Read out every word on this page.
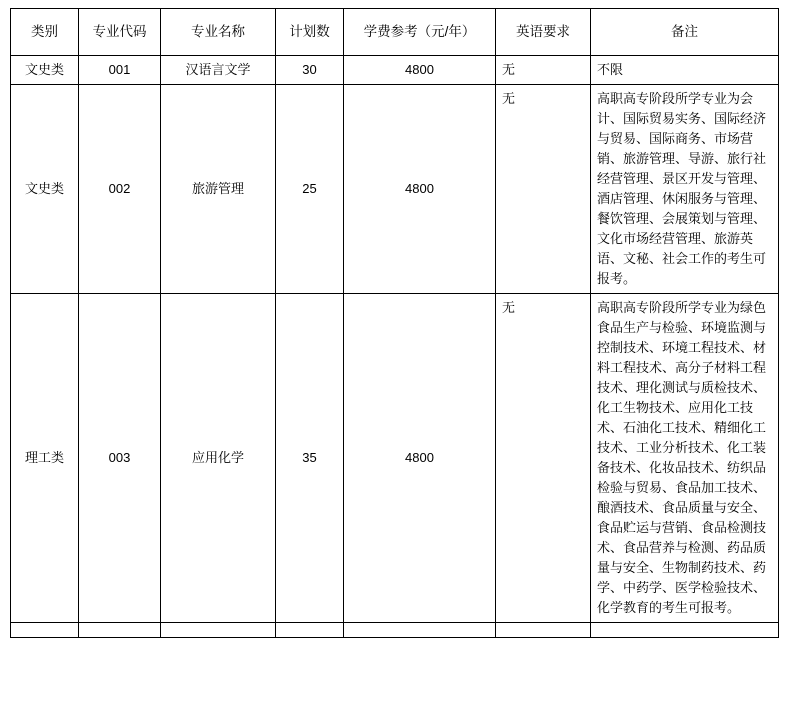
类别	专业代码	专业名称	计划数	学费参考（元/年）	英语要求	备注
文史类	001	汉语言文学	30	4800	无	不限
文史类	002	旅游管理	25	4800	无	高职高专阶段所学专业为会计、国际贸易实务、国际经济与贸易、国际商务、市场营销、旅游管理、导游、旅行社经营管理、景区开发与管理、酒店管理、休闲服务与管理、餐饮管理、会展策划与管理、文化市场经营管理、旅游英语、文秘、社会工作的考生可报考。
理工类	003	应用化学	35	4800	无	高职高专阶段所学专业为绿色食品生产与检验、环境监测与控制技术、环境工程技术、材料工程技术、高分子材料工程技术、理化测试与质检技术、化工生物技术、应用化工技术、石油化工技术、精细化工技术、工业分析技术、化工装备技术、化妆品技术、纺织品检验与贸易、食品加工技术、酿酒技术、食品质量与安全、食品贮运与营销、食品检测技术、食品营养与检测、药品质量与安全、生物制药技术、药学、中药学、医学检验技术、化学教育的考生可报考。
